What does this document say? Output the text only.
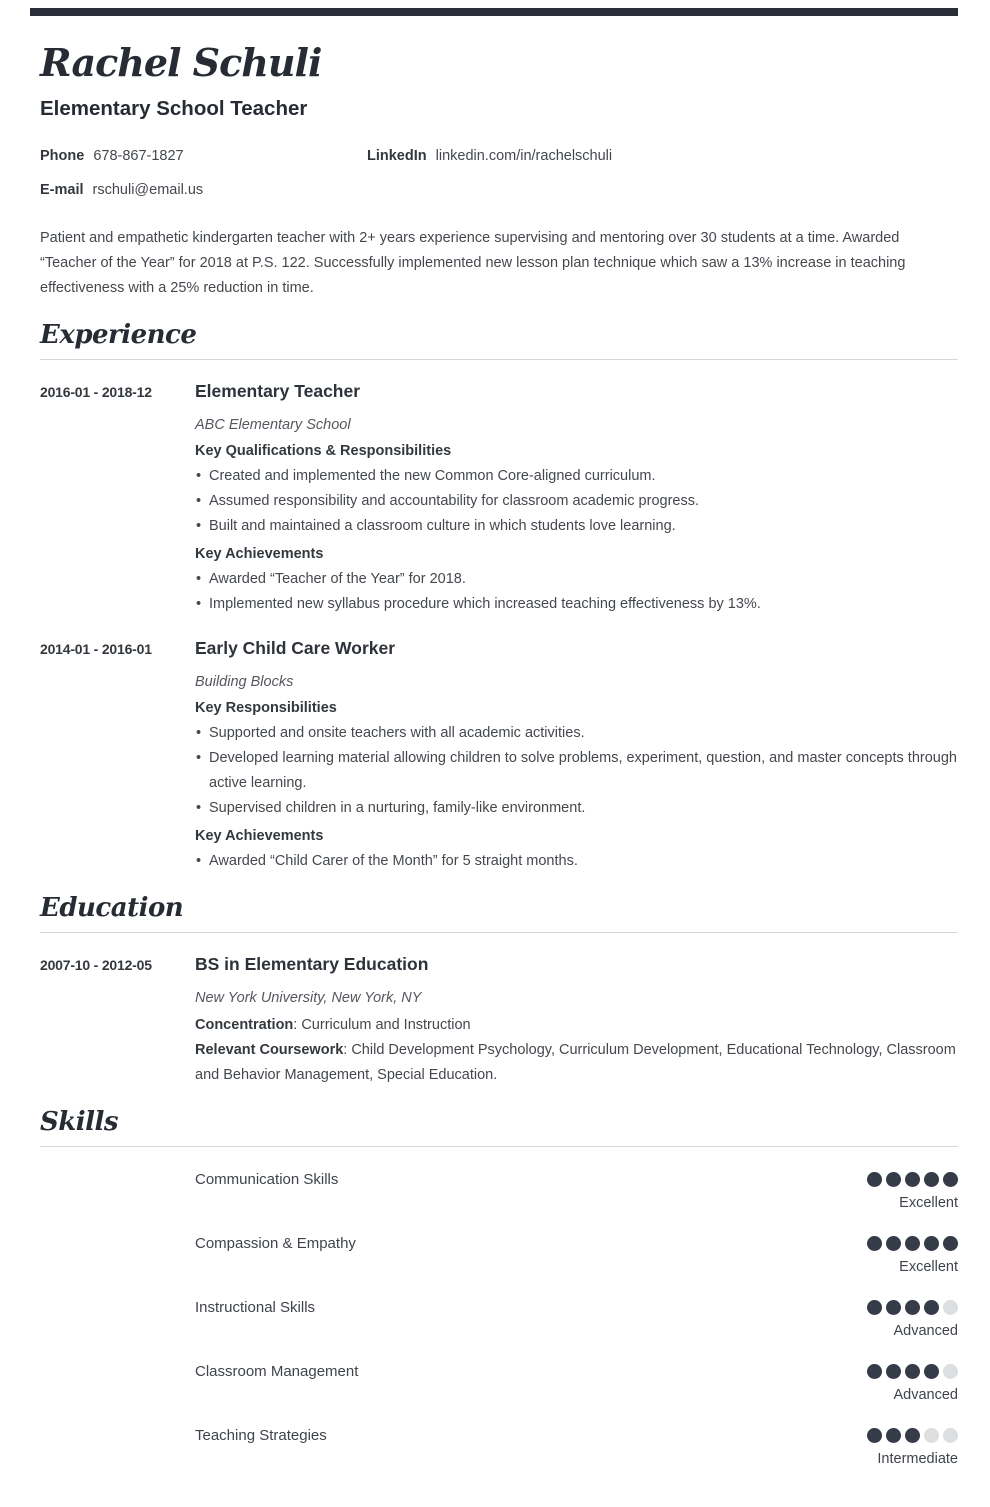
Rachel Schuli
Elementary School Teacher
Phone 678-867-1827	LinkedIn linkedin.com/in/rachelschuli
E-mail rschuli@email.us

Patient and empathetic kindergarten teacher with 2+ years experience supervising and mentoring over 30 students at a time. Awarded “Teacher of the Year” for 2018 at P.S. 122. Successfully implemented new lesson plan technique which saw a 13% increase in teaching effectiveness with a 25% reduction in time.

Experience
2016-01 - 2018-12	Elementary Teacher
ABC Elementary School
Key Qualifications & Responsibilities
• Created and implemented the new Common Core-aligned curriculum.
• Assumed responsibility and accountability for classroom academic progress.
• Built and maintained a classroom culture in which students love learning.
Key Achievements
• Awarded “Teacher of the Year” for 2018.
• Implemented new syllabus procedure which increased teaching effectiveness by 13%.
2014-01 - 2016-01	Early Child Care Worker
Building Blocks
Key Responsibilities
• Supported and onsite teachers with all academic activities.
• Developed learning material allowing children to solve problems, experiment, question, and master concepts through active learning.
• Supervised children in a nurturing, family-like environment.
Key Achievements
• Awarded “Child Carer of the Month” for 5 straight months.
Education
2007-10 - 2012-05	BS in Elementary Education
New York University, New York, NY
Concentration: Curriculum and Instruction
Relevant Coursework: Child Development Psychology, Curriculum Development, Educational Technology, Classroom and Behavior Management, Special Education.
Skills
Communication Skills
Excellent
Compassion & Empathy
Excellent
Instructional Skills
Advanced
Classroom Management
Advanced
Teaching Strategies
Intermediate
